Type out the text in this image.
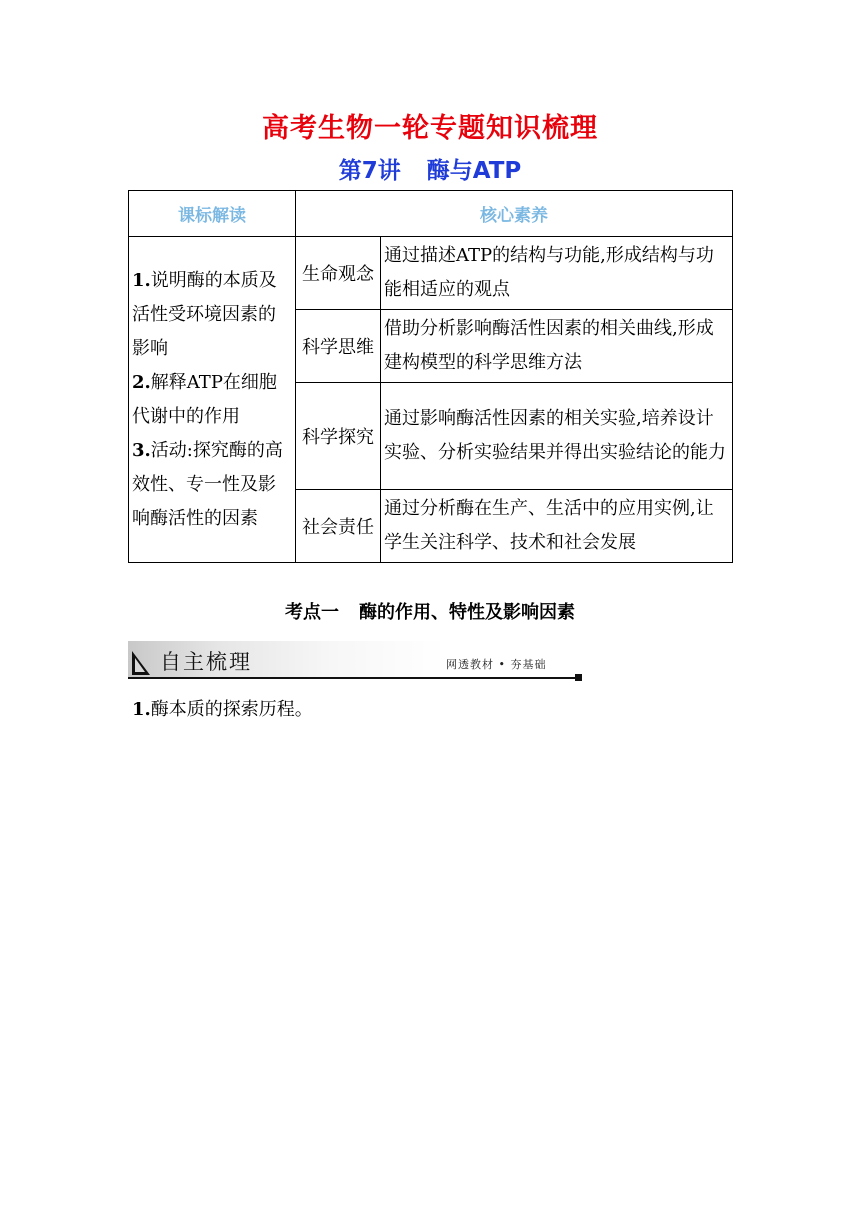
高考生物一轮专题知识梳理
第7讲 酶与ATP
课标解读	核心素养	

1.说明酶的本质及活性受环境因素的影响
2.解释ATP在细胞代谢中的作用
3.活动:探究酶的高效性、专一性及影响酶活性的因素	生命观念	通过描述ATP的结构与功能,形成结构与功能相适应的观点
	科学思维	借助分析影响酶活性因素的相关曲线,形成建构模型的科学思维方法
	科学探究	通过影响酶活性因素的相关实验,培养设计实验、分析实验结果并得出实验结论的能力
	社会责任	通过分析酶在生产、生活中的应用实例,让学生关注科学、技术和社会发展
考点一 酶的作用、特性及影响因素
自主梳理	网透教材 • 夯基础
1.酶本质的探索历程。
